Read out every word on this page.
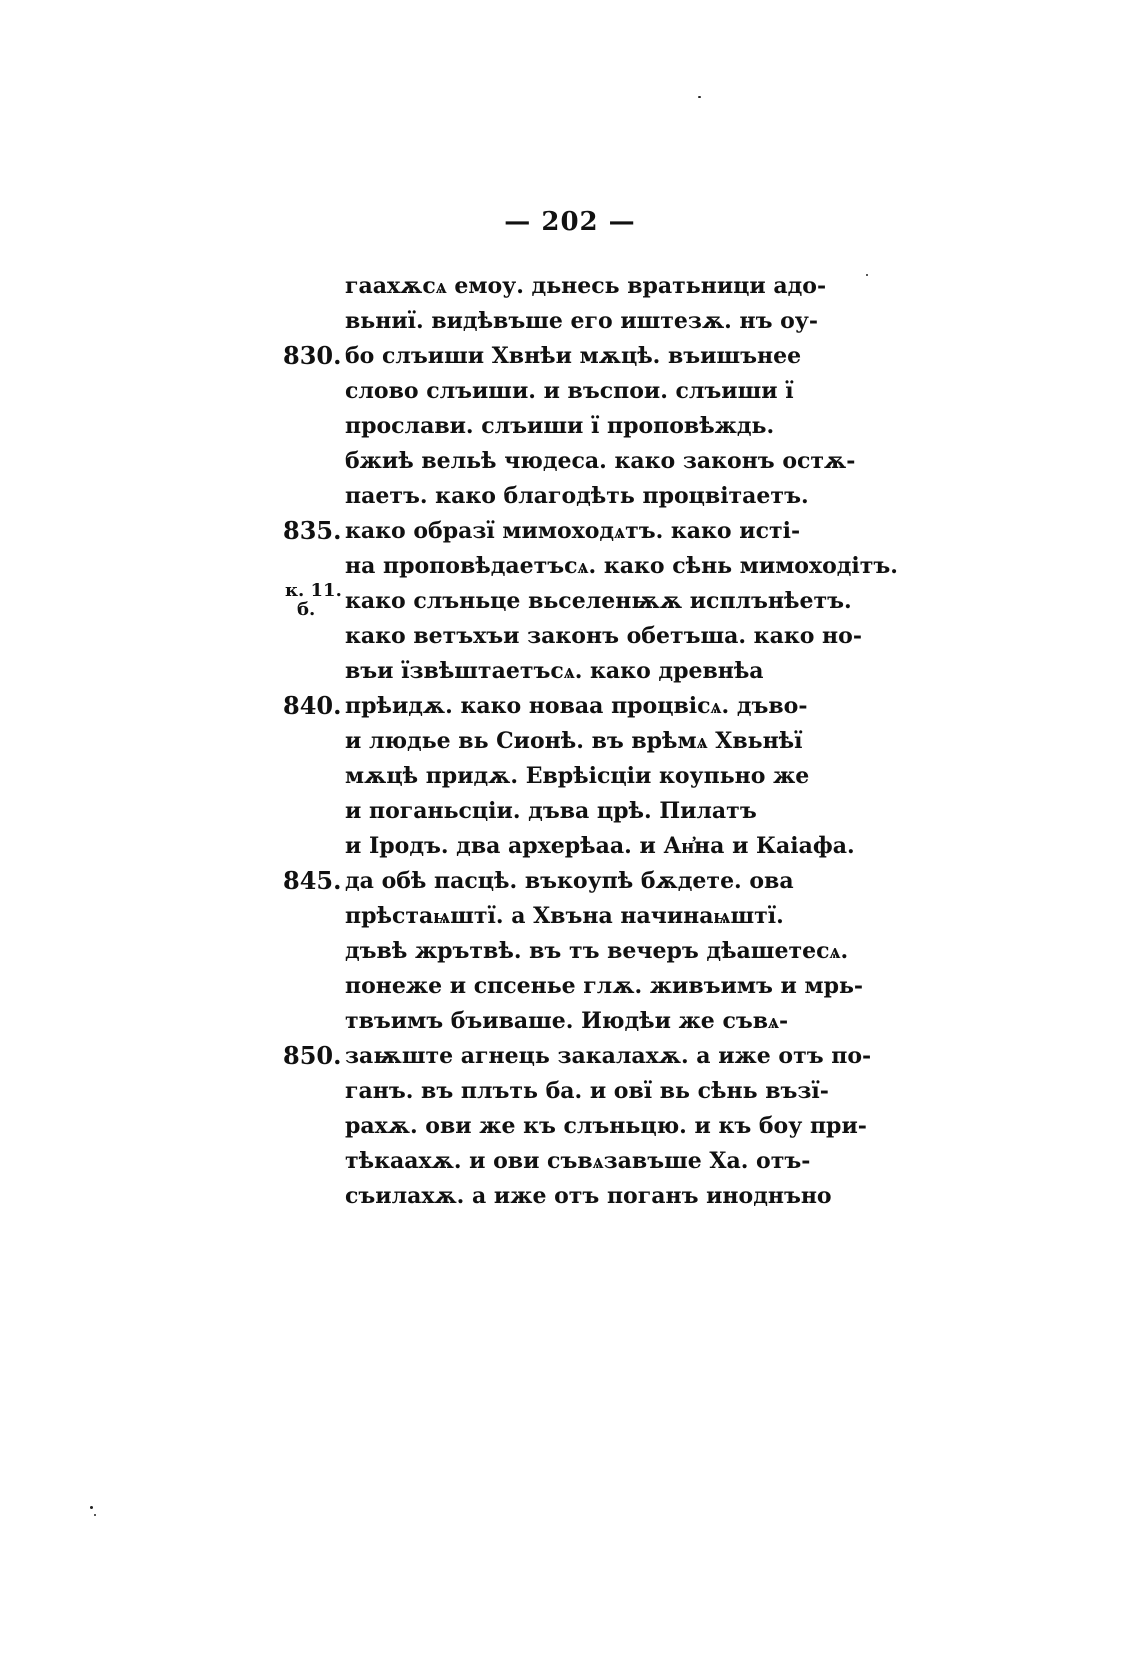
— 202 —
гаахѫсѧ емоу. дьнесь вратьници адо-
вьниї. видѣвъше его иштезѫ. нъ оу-
830. бо слъиши Хвнѣи мѫцѣ. въишънее
слово слъиши. и въспои. слъиши ї
прослави. слъиши ї проповѣждь.
бжиѣ вельѣ чюдеса. како законъ остѫ-
паетъ. како благодѣть процвітаетъ.
835. како образї мимоходѧтъ. како исті-
на проповѣдаетъсѧ. како сѣнь мимоходітъ.
к. 11.
б. како слъньце вьселенѭѫ исплънѣетъ.
како ветъхъи законъ обетъша. како но-
въи їзвѣштаетъсѧ. како древнѣа
840. прѣидѫ. како новаа процвісѧ. дъво-
и людье вь Сионѣ. въ врѣмѧ Хвьнѣї
мѫцѣ придѫ. Еврѣісціи коупьно же
и поганьсціи. дъва црѣ. Пилатъ
и Іродъ. два архерѣаа. и Ан҆на и Каіафа.
845. да обѣ пасцѣ. въкоупѣ бѫдете. ова
прѣстаѩштї. а Хвъна начинаѩштї.
дъвѣ жрътвѣ. въ тъ вечеръ дѣашетесѧ.
понеже и спсенье глѫ. живъимъ и мрь-
твъимъ бъиваше. Июдѣи же съвѧ-
850. заѭште агнець закалахѫ. а иже отъ по-
ганъ. въ плъть ба. и овї вь сѣнь възї-
рахѫ. ови же къ слъньцю. и къ боу при-
тѣкаахѫ. и ови съвѧзавъше Ха. отъ-
съилахѫ. а иже отъ поганъ иноднъно
